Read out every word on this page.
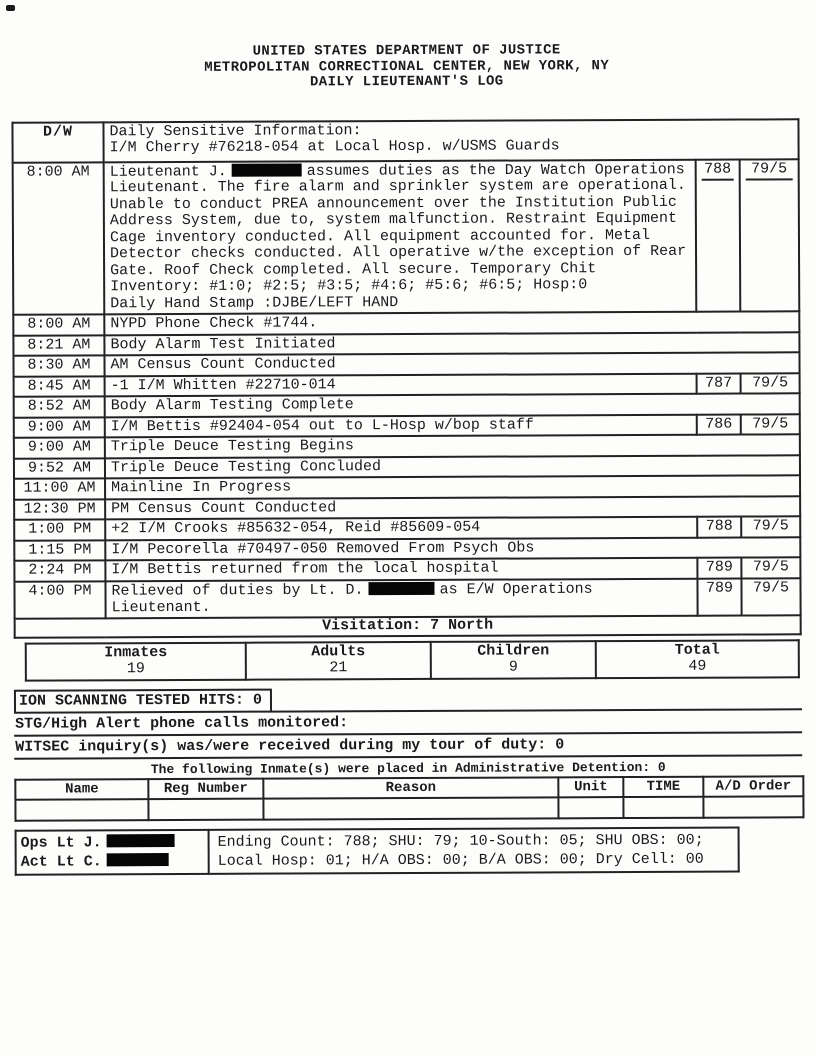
UNITED STATES DEPARTMENT OF JUSTICE
METROPOLITAN CORRECTIONAL CENTER, NEW YORK, NY
DAILY LIEUTENANT'S LOG
D/W	Daily Sensitive Information:
I/M Cherry #76218-054 at Local Hosp. w/USMS Guards		

8:00 AM	Lieutenant J. assumes duties as the Day Watch Operations Lieutenant. The fire alarm and sprinkler system are operational. Unable to conduct PREA announcement over the Institution Public Address System, due to, system malfunction. Restraint Equipment Cage inventory conducted. All equipment accounted for. Metal Detector checks conducted. All operative w/the exception of Rear Gate. Roof Check completed. All secure. Temporary Chit Inventory: #1:0; #2:5; #3:5; #4:6; #5:6; #6:5; Hosp:0
Daily Hand Stamp :DJBE/LEFT HAND	788	79/5

8:00 AM	NYPD Phone Check #1744.		
8:21 AM	Body Alarm Test Initiated		
8:30 AM	AM Census Count Conducted		
8:45 AM	-1 I/M Whitten #22710-014	787	79/5
8:52 AM	Body Alarm Testing Complete		
9:00 AM	I/M Bettis #92404-054 out to L-Hosp w/bop staff	786	79/5
9:00 AM	Triple Deuce Testing Begins		
9:52 AM	Triple Deuce Testing Concluded		
11:00 AM	Mainline In Progress		
12:30 PM	PM Census Count Conducted		
1:00 PM	+2 I/M Crooks #85632-054, Reid #85609-054	788	79/5
1:15 PM	I/M Pecorella #70497-050 Removed From Psych Obs		
2:24 PM	I/M Bettis returned from the local hospital	789	79/5
4:00 PM	Relieved of duties by Lt. D. as E/W Operations Lieutenant.	789	79/5
Visitation: 7 North			
Inmates
19

Adults
21

Children
9

Total
49
ION SCANNING TESTED HITS: 0
STG/High Alert phone calls monitored:
WITSEC inquiry(s) was/were received during my tour of duty: 0
The following Inmate(s) were placed in Administrative Detention: 0
Name	Reg Number	Reason	Unit	TIME	A/D Order

Ops Lt J.
Act Lt C.

Ending Count: 788; SHU: 79; 10-South: 05; SHU OBS: 00;
Local Hosp: 01; H/A OBS: 00; B/A OBS: 00; Dry Cell: 00
